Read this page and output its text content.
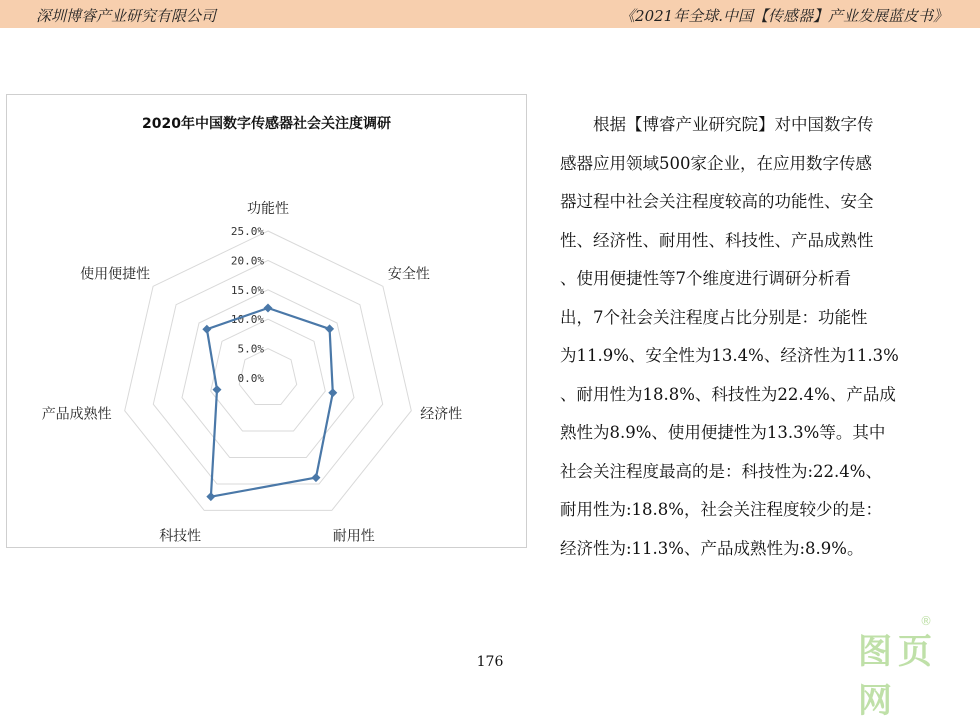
深圳博睿产业研究有限公司	《2021年全球.中国【传感器】产业发展蓝皮书》
2020年中国数字传感器社会关注度调研
0.0%
5.0%
10.0%
15.0%
20.0%
25.0%
功能性
安全性
经济性
耐用性
科技性
产品成熟性
使用便捷性
根据【博睿产业研究院】对中国数字传
感器应用领域500家企业，在应用数字传感
器过程中社会关注程度较高的功能性、安全
性、经济性、耐用性、科技性、产品成熟性
、使用便捷性等7个维度进行调研分析看
出，7个社会关注程度占比分别是：功能性
为11.9%、安全性为13.4%、经济性为11.3%
、耐用性为18.8%、科技性为22.4%、产品成
熟性为8.9%、使用便捷性为13.3%等。其中
社会关注程度最高的是：科技性为:22.4%、
耐用性为:18.8%，社会关注程度较少的是：
经济性为:11.3%、产品成熟性为:8.9%。
176	图页网
®
